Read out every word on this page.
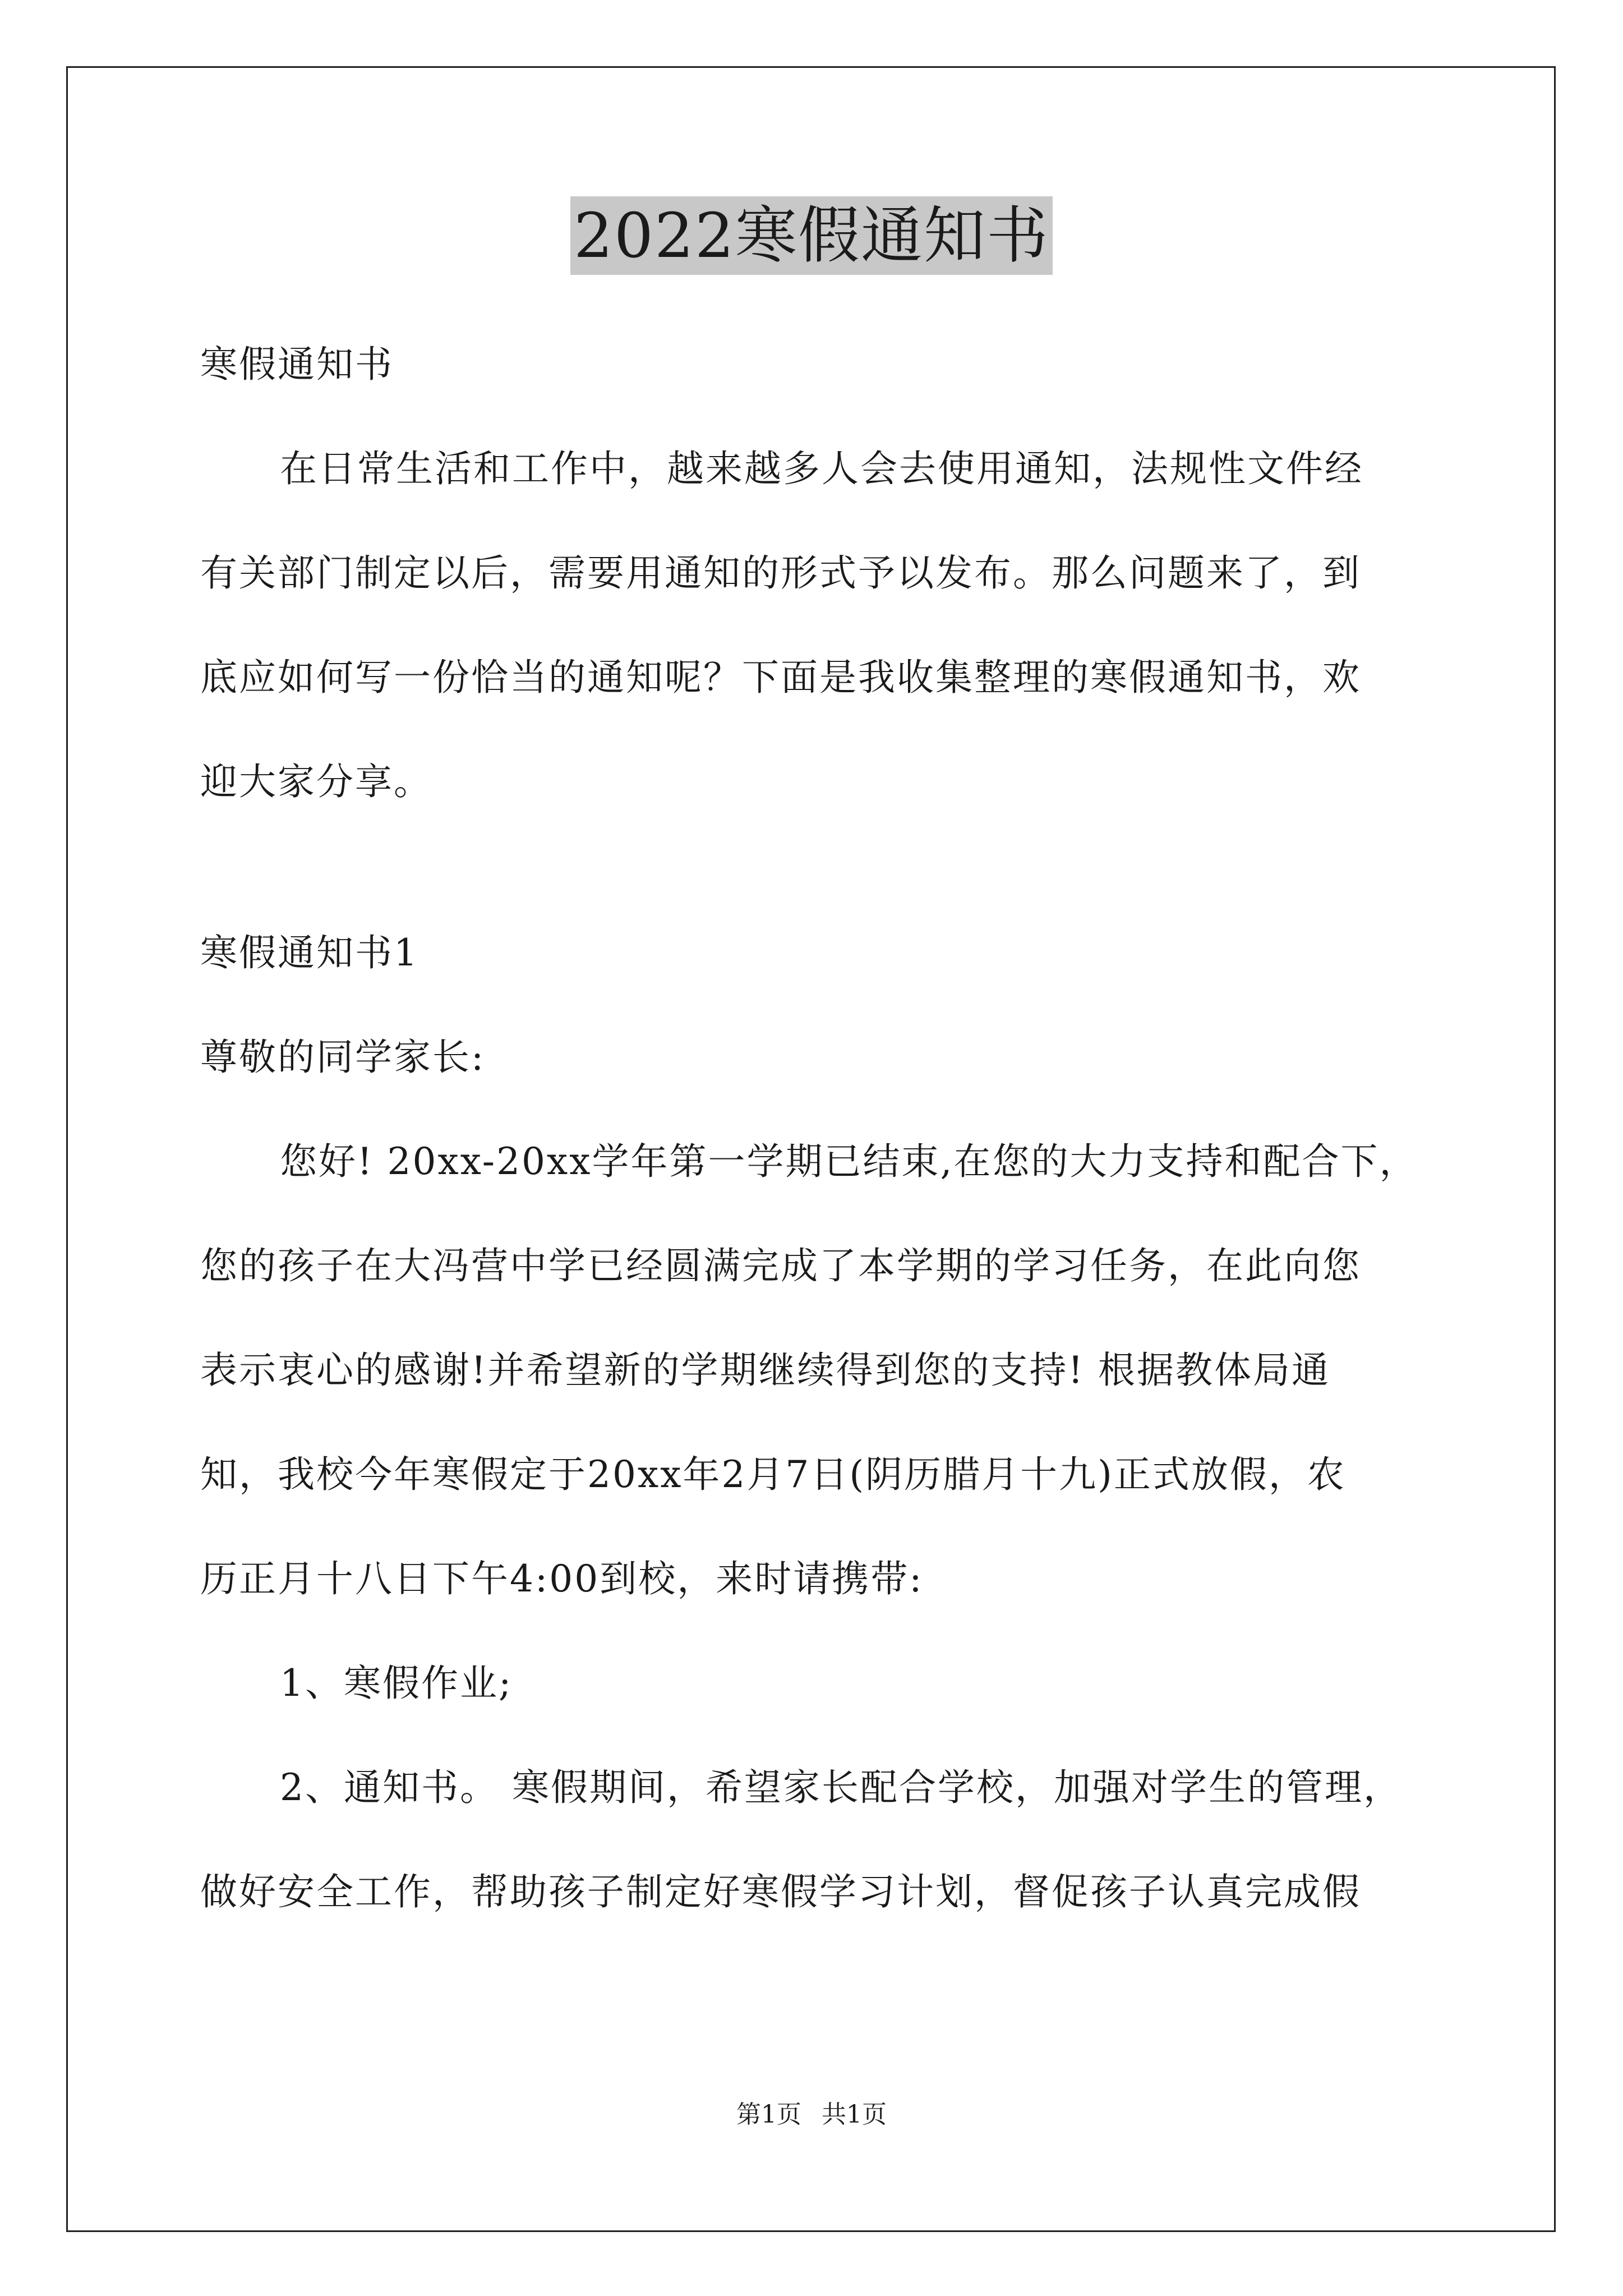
2022寒假通知书
寒假通知书
在日常生活和工作中，越来越多人会去使用通知，法规性文件经
有关部门制定以后，需要用通知的形式予以发布。那么问题来了，到
底应如何写一份恰当的通知呢？下面是我收集整理的寒假通知书，欢
迎大家分享。
寒假通知书1
尊敬的同学家长:
您好! 20xx-20xx学年第一学期已结束,在您的大力支持和配合下，
您的孩子在大冯营中学已经圆满完成了本学期的学习任务，在此向您
表示衷心的感谢!并希望新的学期继续得到您的支持! 根据教体局通
知，我校今年寒假定于20xx年2月7日(阴历腊月十九)正式放假，农
历正月十八日下午4:00到校，来时请携带:
1、寒假作业;
2、通知书。 寒假期间，希望家长配合学校，加强对学生的管理，
做好安全工作，帮助孩子制定好寒假学习计划，督促孩子认真完成假
第1页 共1页
